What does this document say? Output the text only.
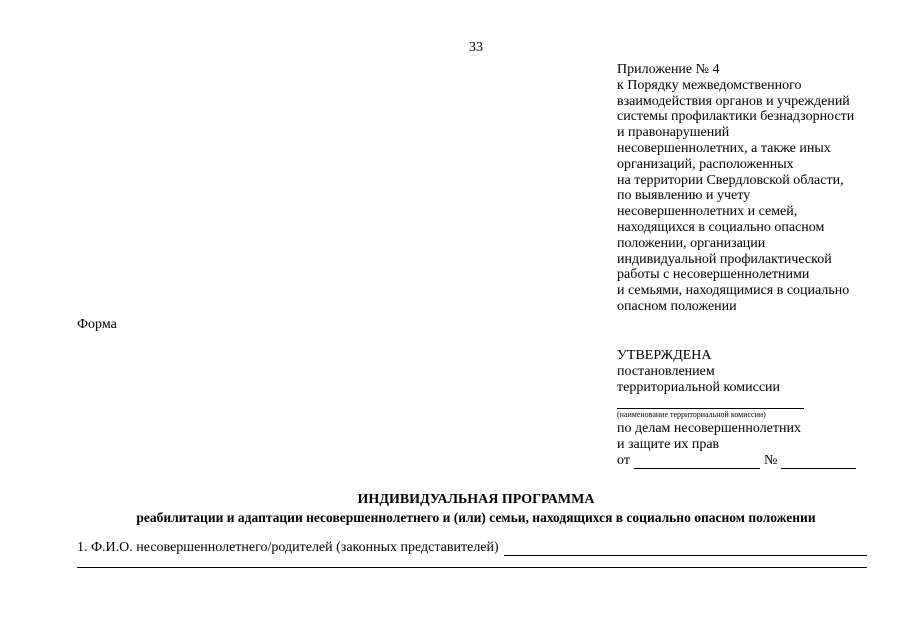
33
Приложение № 4
к Порядку межведомственного
взаимодействия органов и учреждений
системы профилактики безнадзорности
и правонарушений
несовершеннолетних, а также иных
организаций, расположенных
на территории Свердловской области,
по выявлению и учету
несовершеннолетних и семей,
находящихся в социально опасном
положении, организации
индивидуальной профилактической
работы с несовершеннолетними
и семьями, находящимися в социально
опасном положении
Форма
УТВЕРЖДЕНА
постановлением
территориальной комиссии
(наименование территориальной комиссии)
по делам несовершеннолетних
и защите их прав
от	№
ИНДИВИДУАЛЬНАЯ ПРОГРАММА
реабилитации и адаптации несовершеннолетнего и (или) семьи, находящихся в социально опасном положении
1. Ф.И.О. несовершеннолетнего/родителей (законных представителей)
